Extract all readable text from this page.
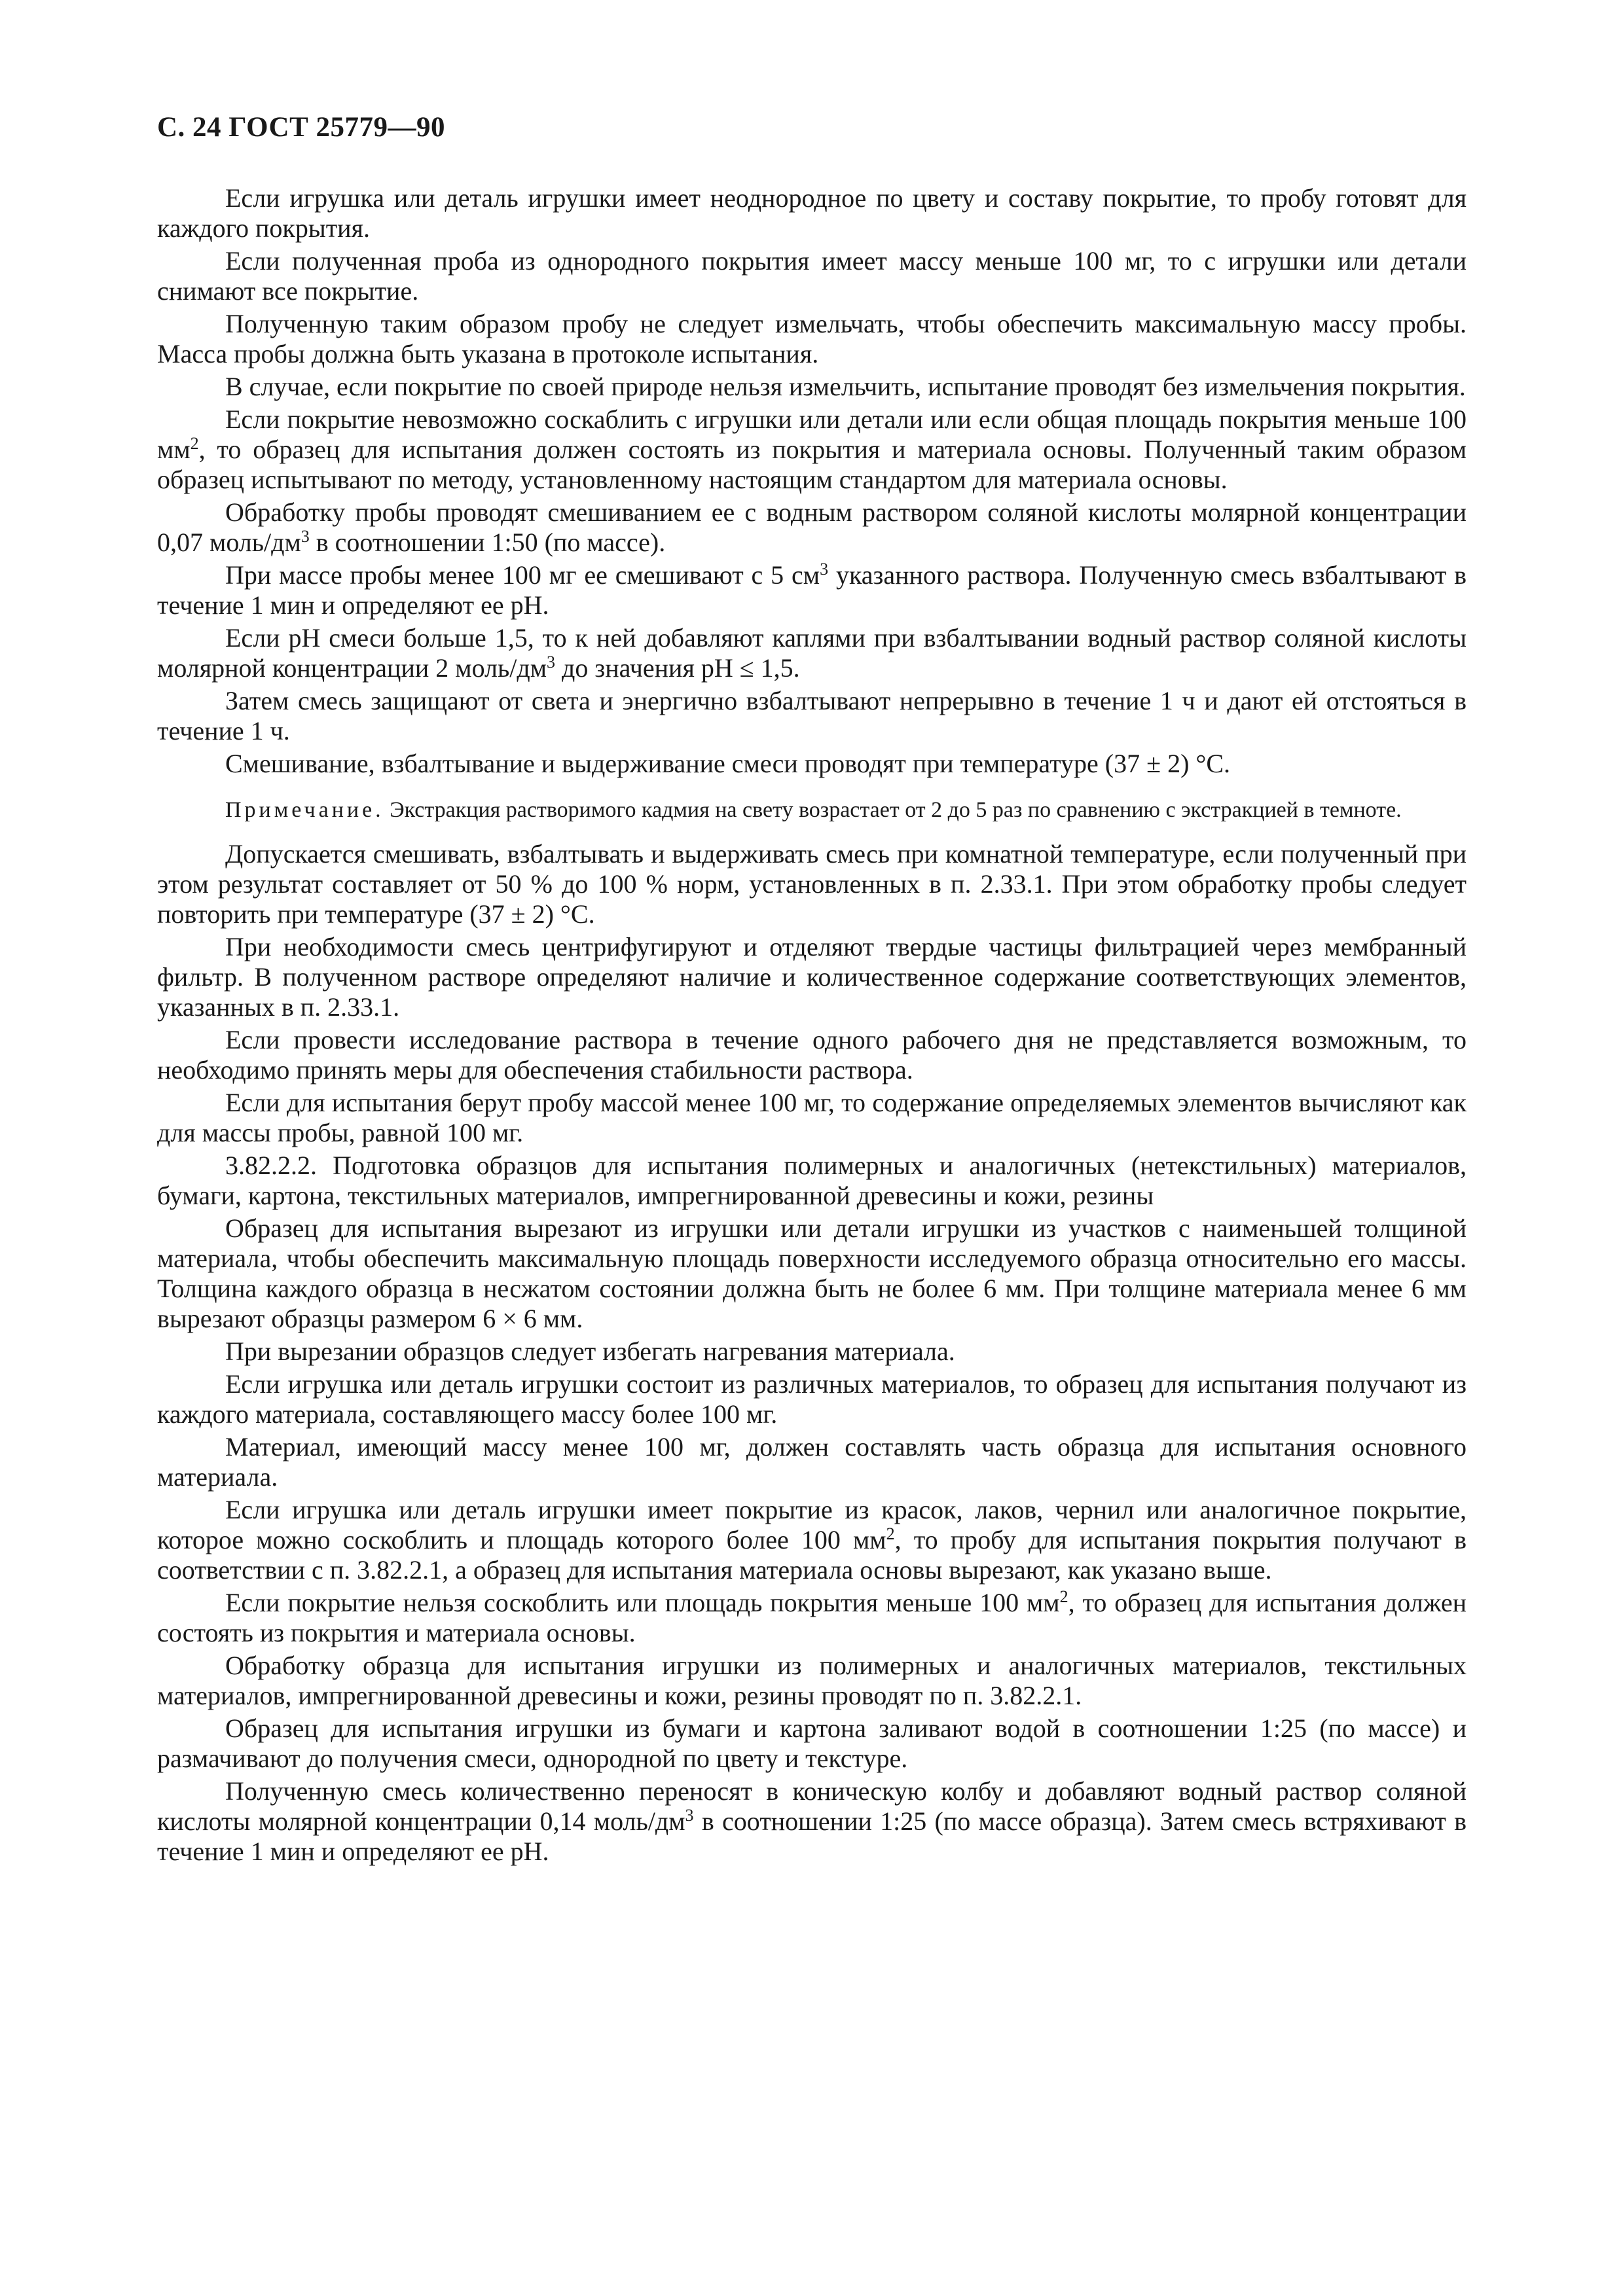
С. 24 ГОСТ 25779—90

Если игрушка или деталь игрушки имеет неоднородное по цвету и составу покрытие, то пробу готовят для каждого покрытия.

Если полученная проба из однородного покрытия имеет массу меньше 100 мг, то с игрушки или детали снимают все покрытие.

Полученную таким образом пробу не следует измельчать, чтобы обеспечить максимальную массу пробы. Масса пробы должна быть указана в протоколе испытания.

В случае, если покрытие по своей природе нельзя измельчить, испытание проводят без измельчения покрытия.

Если покрытие невозможно соскаблить с игрушки или детали или если общая площадь покрытия меньше 100 $мм^2$, то образец для испытания должен состоять из покрытия и материала основы. Полученный таким образом образец испытывают по методу, установленному настоящим стандартом для материала основы.

Обработку пробы проводят смешиванием ее с водным раствором соляной кислоты молярной концентрации 0,07 моль/$дм^3$ в соотношении 1:50 (по массе).

При массе пробы менее 100 мг ее смешивают с 5 $см^3$ указанного раствора. Полученную смесь взбалтывают в течение 1 мин и определяют ее pH.

Если pH смеси больше 1,5, то к ней добавляют каплями при взбалтывании водный раствор соляной кислоты молярной концентрации 2 моль/$дм^3$ до значения pH ≤ 1,5.

Затем смесь защищают от света и энергично взбалтывают непрерывно в течение 1 ч и дают ей отстояться в течение 1 ч.

Смешивание, взбалтывание и выдерживание смеси проводят при температуре (37 ± 2) °С.

Примечание. Экстракция растворимого кадмия на свету возрастает от 2 до 5 раз по сравнению с экстракцией в темноте.

Допускается смешивать, взбалтывать и выдерживать смесь при комнатной температуре, если полученный при этом результат составляет от 50 % до 100 % норм, установленных в п. 2.33.1. При этом обработку пробы следует повторить при температуре (37 ± 2) °С.

При необходимости смесь центрифугируют и отделяют твердые частицы фильтрацией через мембранный фильтр. В полученном растворе определяют наличие и количественное содержание соответствующих элементов, указанных в п. 2.33.1.

Если провести исследование раствора в течение одного рабочего дня не представляется возможным, то необходимо принять меры для обеспечения стабильности раствора.

Если для испытания берут пробу массой менее 100 мг, то содержание определяемых элементов вычисляют как для массы пробы, равной 100 мг.

3.82.2.2. Подготовка образцов для испытания полимерных и аналогичных (нетекстильных) материалов, бумаги, картона, текстильных материалов, импрегнированной древесины и кожи, резины

Образец для испытания вырезают из игрушки или детали игрушки из участков с наименьшей толщиной материала, чтобы обеспечить максимальную площадь поверхности исследуемого образца относительно его массы. Толщина каждого образца в несжатом состоянии должна быть не более 6 мм. При толщине материала менее 6 мм вырезают образцы размером 6 × 6 мм.

При вырезании образцов следует избегать нагревания материала.

Если игрушка или деталь игрушки состоит из различных материалов, то образец для испытания получают из каждого материала, составляющего массу более 100 мг.

Материал, имеющий массу менее 100 мг, должен составлять часть образца для испытания основного материала.

Если игрушка или деталь игрушки имеет покрытие из красок, лаков, чернил или аналогичное покрытие, которое можно соскоблить и площадь которого более 100 $мм^2$, то пробу для испытания покрытия получают в соответствии с п. 3.82.2.1, а образец для испытания материала основы вырезают, как указано выше.

Если покрытие нельзя соскоблить или площадь покрытия меньше 100 $мм^2$, то образец для испытания должен состоять из покрытия и материала основы.

Обработку образца для испытания игрушки из полимерных и аналогичных материалов, текстильных материалов, импрегнированной древесины и кожи, резины проводят по п. 3.82.2.1.

Образец для испытания игрушки из бумаги и картона заливают водой в соотношении 1:25 (по массе) и размачивают до получения смеси, однородной по цвету и текстуре.

Полученную смесь количественно переносят в коническую колбу и добавляют водный раствор соляной кислоты молярной концентрации 0,14 моль/$дм^3$ в соотношении 1:25 (по массе образца). Затем смесь встряхивают в течение 1 мин и определяют ее pH.
